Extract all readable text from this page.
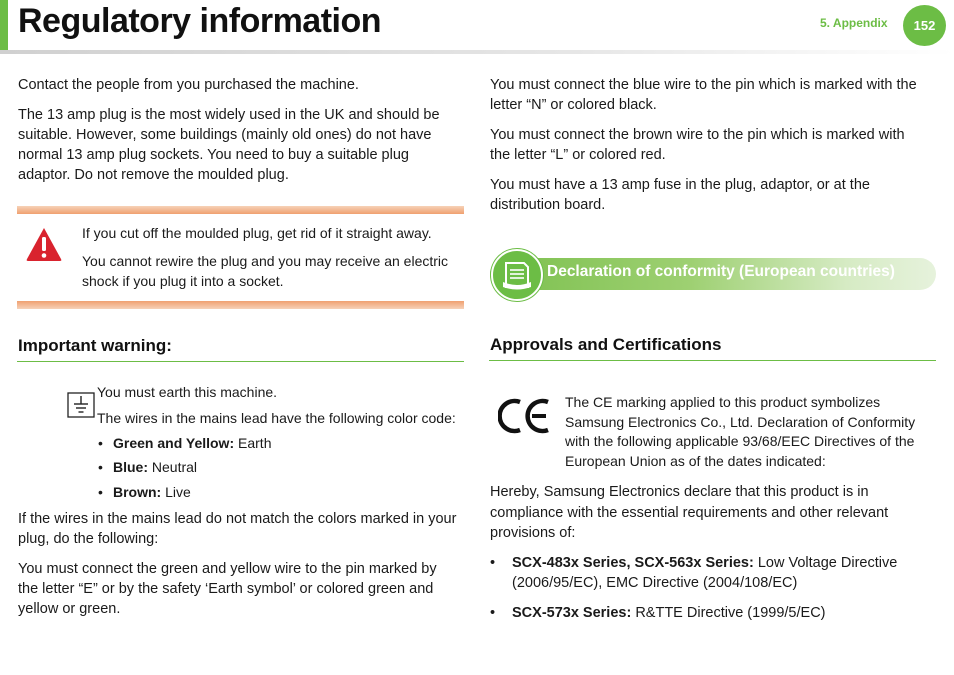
Regulatory information	5. Appendix	152

Contact the people from you purchased the machine.

The 13 amp plug is the most widely used in the UK and should be

suitable. However, some buildings (mainly old ones) do not have

normal 13 amp plug sockets. You need to buy a suitable plug

adaptor. Do not remove the moulded plug.

If you cut off the moulded plug, get rid of it straight away.

You cannot rewire the plug and you may receive an electric

shock if you plug it into a socket.

Important warning:

You must earth this machine.

The wires in the mains lead have the following color code:

• Green and Yellow: Earth
• Blue: Neutral
• Brown: Live

If the wires in the mains lead do not match the colors marked in your

plug, do the following:

You must connect the green and yellow wire to the pin marked by

the letter “E” or by the safety ‘Earth symbol’ or colored green and

yellow or green.

You must connect the blue wire to the pin which is marked with the

letter “N” or colored black.

You must connect the brown wire to the pin which is marked with

the letter “L” or colored red.

You must have a 13 amp fuse in the plug, adaptor, or at the

distribution board.

Declaration of conformity (European countries)
Approvals and Certifications

The CE marking applied to this product symbolizes

Samsung Electronics Co., Ltd. Declaration of Conformity

with the following applicable 93/68/EEC Directives of the

European Union as of the dates indicated:

Hereby, Samsung Electronics declare that this product is in

compliance with the essential requirements and other relevant

provisions of:

• SCX-483x Series, SCX-563x Series: Low Voltage Directive

(2006/95/EC), EMC Directive (2004/108/EC)

• SCX-573x Series: R&TTE Directive (1999/5/EC)
